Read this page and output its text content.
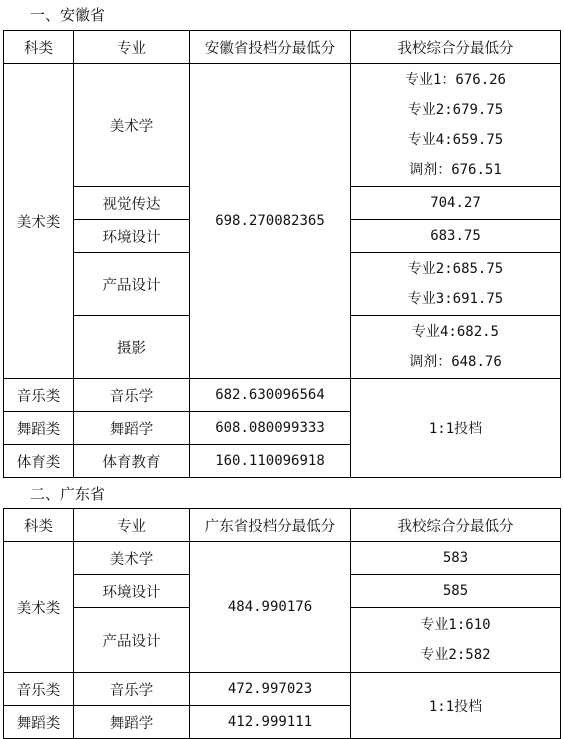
一、安徽省
科类	专业	安徽省投档分最低分	我校综合分最低分
美术类	美术学	698.270082365	专业1：676.26
专业2:679.75
专业4:659.75
调剂：676.51

	视觉传达		704.27
	环境设计		683.75
	产品设计		专业2:685.75
专业3:691.75

	摄影		专业4:682.5
调剂：648.76

音乐类	音乐学	682.630096564	1:1投档
舞蹈类	舞蹈学	608.080099333	
体育类	体育教育	160.110096918	
二、广东省
科类	专业	广东省投档分最低分	我校综合分最低分
美术类	美术学	484.990176	583
	环境设计		585
	产品设计		专业1:610
专业2:582

音乐类	音乐学	472.997023	1:1投档
舞蹈类	舞蹈学	412.999111	
